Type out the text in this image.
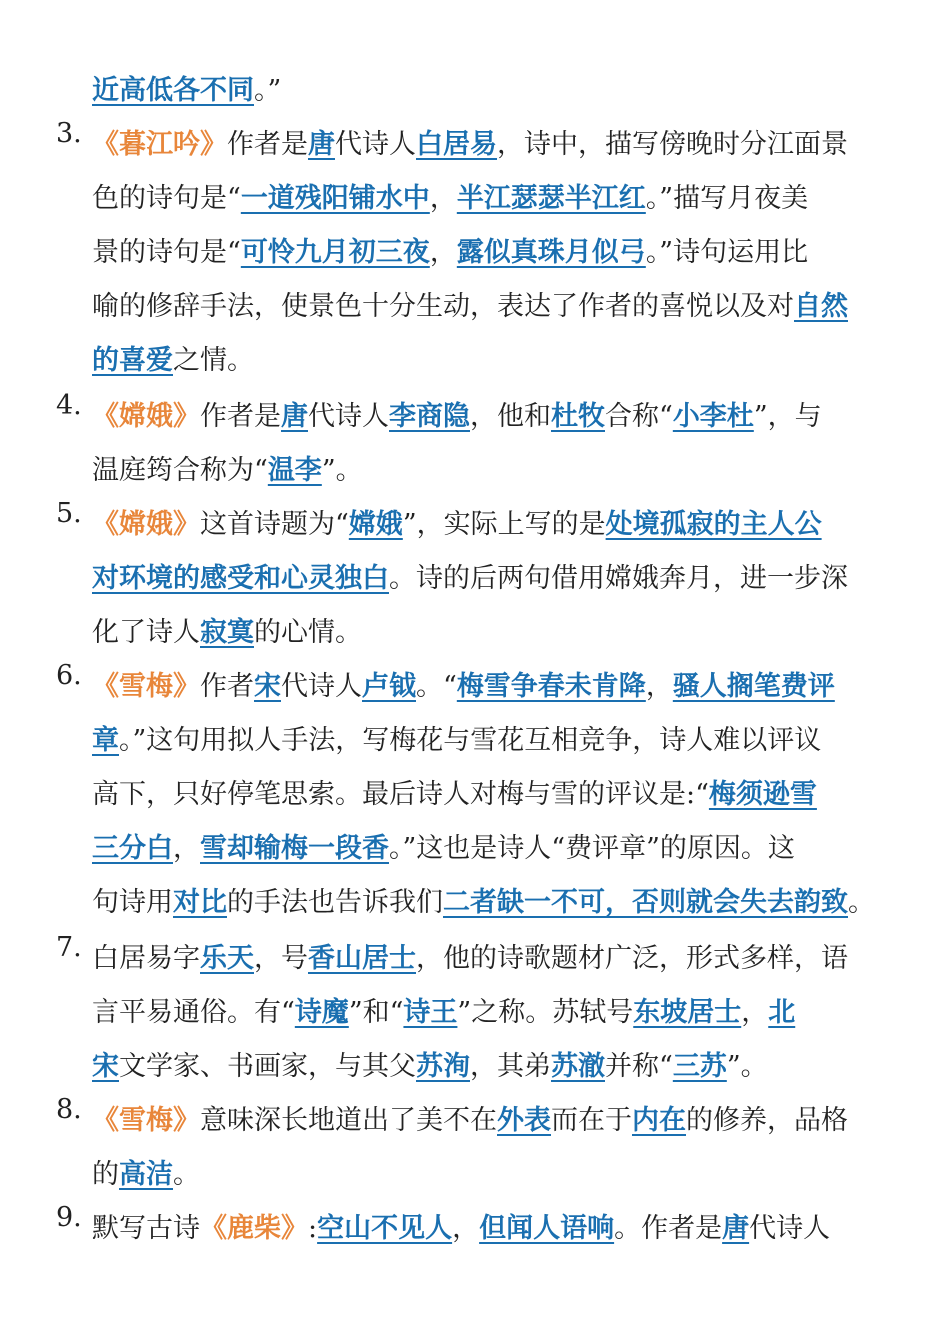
近高低各不同。”
3. 《暮江吟》作者是唐代诗人白居易，诗中，描写傍晚时分江面景
色的诗句是“一道残阳铺水中，半江瑟瑟半江红。”描写月夜美
景的诗句是“可怜九月初三夜，露似真珠月似弓。”诗句运用比
喻的修辞手法，使景色十分生动，表达了作者的喜悦以及对自然
的喜爱之情。
4. 《嫦娥》作者是唐代诗人李商隐，他和杜牧合称“小李杜”，与
温庭筠合称为“温李”。
5. 《嫦娥》这首诗题为“嫦娥”，实际上写的是处境孤寂的主人公
对环境的感受和心灵独白。诗的后两句借用嫦娥奔月，进一步深
化了诗人寂寞的心情。
6. 《雪梅》作者宋代诗人卢钺。“梅雪争春未肯降，骚人搁笔费评
章。”这句用拟人手法，写梅花与雪花互相竞争，诗人难以评议
高下，只好停笔思索。最后诗人对梅与雪的评议是:“梅须逊雪
三分白，雪却输梅一段香。”这也是诗人“费评章”的原因。这
句诗用对比的手法也告诉我们二者缺一不可，否则就会失去韵致。
7. 白居易字乐天，号香山居士，他的诗歌题材广泛，形式多样，语
言平易通俗。有“诗魔”和“诗王”之称。苏轼号东坡居士，北
宋文学家、书画家，与其父苏洵，其弟苏澈并称“三苏”。
8. 《雪梅》意味深长地道出了美不在外表而在于内在的修养，品格
的高洁。
9. 默写古诗《鹿柴》:空山不见人，但闻人语响。作者是唐代诗人
